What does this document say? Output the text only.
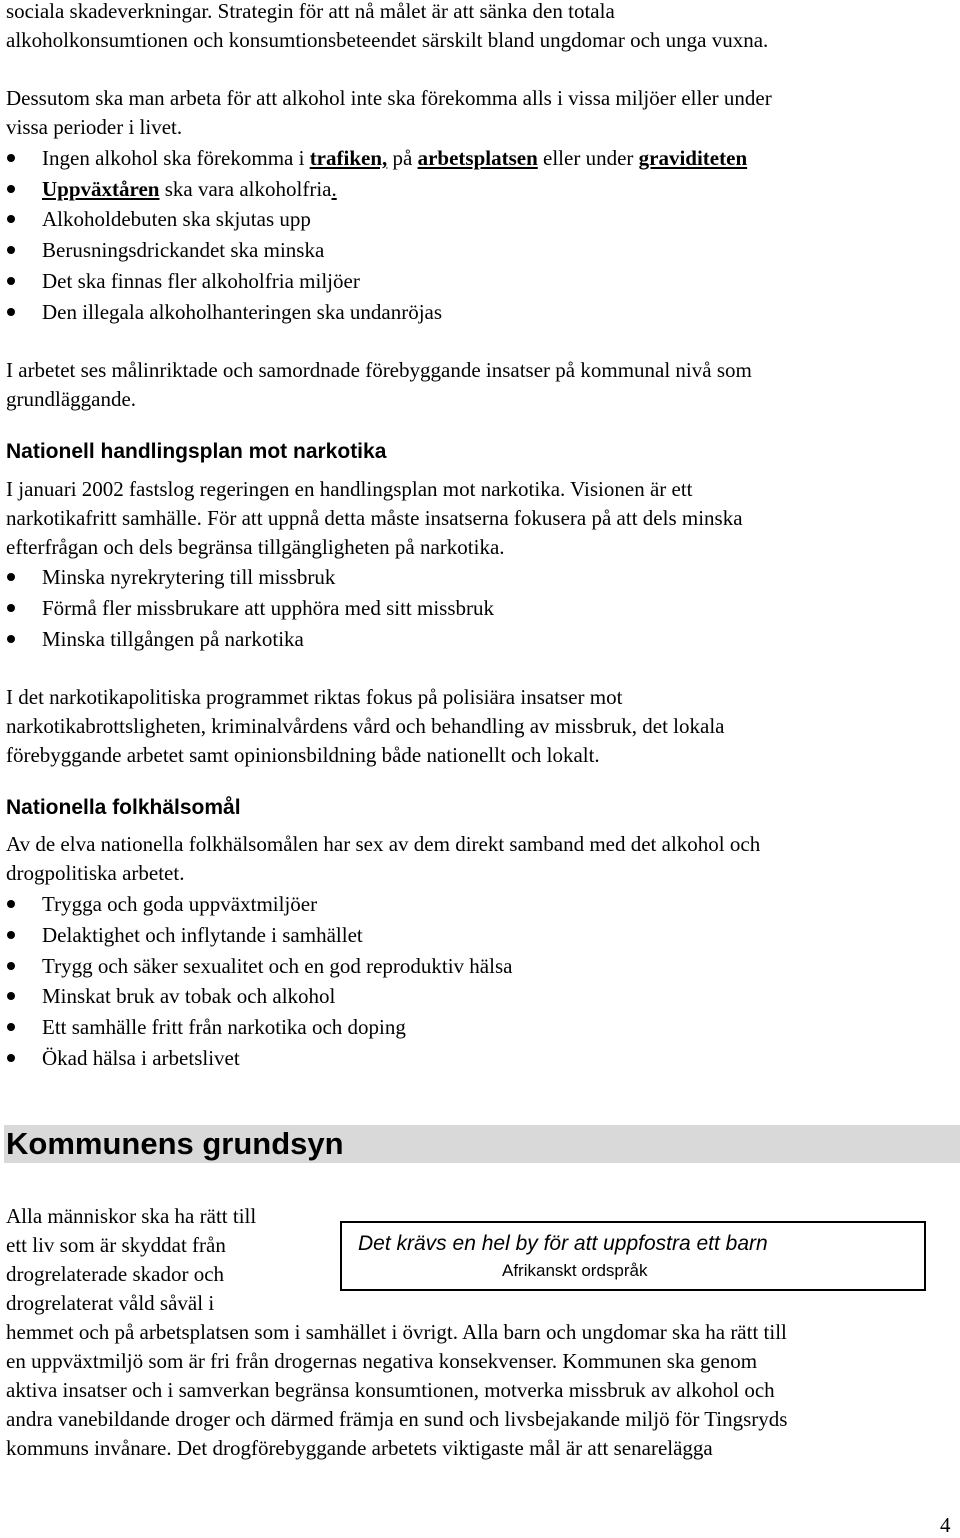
sociala skadeverkningar. Strategin för att nå målet är att sänka den totala
alkoholkonsumtionen och konsumtionsbeteendet särskilt bland ungdomar och unga vuxna.
Dessutom ska man arbeta för att alkohol inte ska förekomma alls i vissa miljöer eller under
vissa perioder i livet.
Ingen alkohol ska förekomma i trafiken, på arbetsplatsen eller under graviditeten
Uppväxtåren ska vara alkoholfria.
Alkoholdebuten ska skjutas upp
Berusningsdrickandet ska minska
Det ska finnas fler alkoholfria miljöer
Den illegala alkoholhanteringen ska undanröjas
I arbetet ses målinriktade och samordnade förebyggande insatser på kommunal nivå som
grundläggande.
Nationell handlingsplan mot narkotika
I januari 2002 fastslog regeringen en handlingsplan mot narkotika. Visionen är ett
narkotikafritt samhälle. För att uppnå detta måste insatserna fokusera på att dels minska
efterfrågan och dels begränsa tillgängligheten på narkotika.
Minska nyrekrytering till missbruk
Förmå fler missbrukare att upphöra med sitt missbruk
Minska tillgången på narkotika
I det narkotikapolitiska programmet riktas fokus på polisiära insatser mot
narkotikabrottsligheten, kriminalvårdens vård och behandling av missbruk, det lokala
förebyggande arbetet samt opinionsbildning både nationellt och lokalt.
Nationella folkhälsomål
Av de elva nationella folkhälsomålen har sex av dem direkt samband med det alkohol och
drogpolitiska arbetet.
Trygga och goda uppväxtmiljöer
Delaktighet och inflytande i samhället
Trygg och säker sexualitet och en god reproduktiv hälsa
Minskat bruk av tobak och alkohol
Ett samhälle fritt från narkotika och doping
Ökad hälsa i arbetslivet
Kommunens grundsyn
Det krävs en hel by för att uppfostra ett barn
Afrikanskt ordspråk
Alla människor ska ha rätt till
ett liv som är skyddat från
drogrelaterade skador och
drogrelaterat våld såväl i
hemmet och på arbetsplatsen som i samhället i övrigt. Alla barn och ungdomar ska ha rätt till
en uppväxtmiljö som är fri från drogernas negativa konsekvenser. Kommunen ska genom
aktiva insatser och i samverkan begränsa konsumtionen, motverka missbruk av alkohol och
andra vanebildande droger och därmed främja en sund och livsbejakande miljö för Tingsryds
kommuns invånare. Det drogförebyggande arbetets viktigaste mål är att senarelägga
4
